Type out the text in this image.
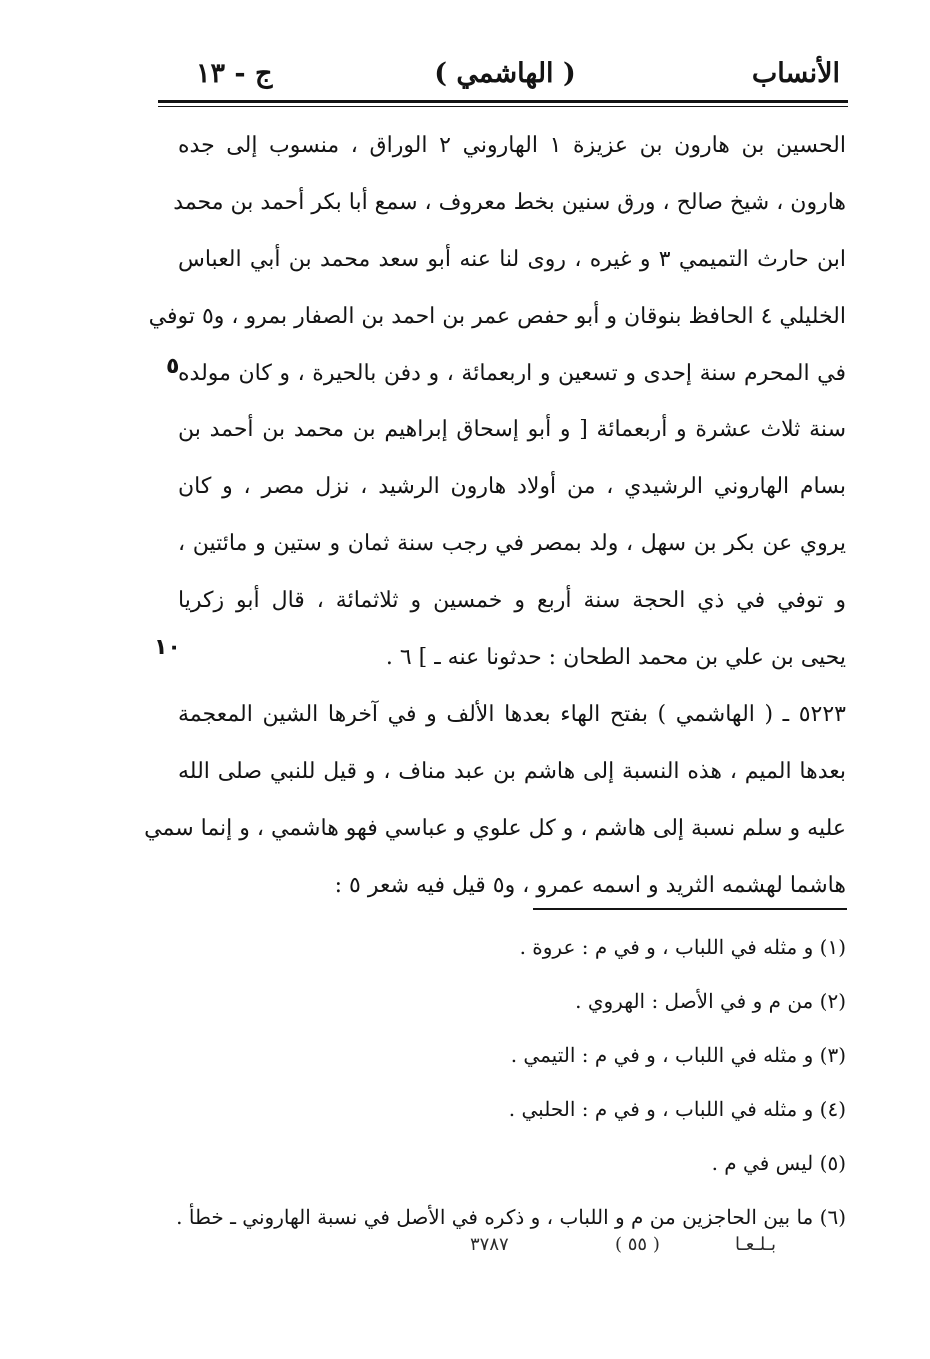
الأنساب
( الهاشمي )
ج - ١٣
الحسين بن هارون بن عزيزة ١ الهاروني ٢ الوراق ، منسوب إلى جده
هارون ، شيخ صالح ، ورق سنين بخط معروف ، سمع أبا بكر أحمد بن محمد
ابن حارث التميمي ٣ و غيره ، روى لنا عنه أبو سعد محمد بن أبي العباس
الخليلي ٤ الحافظ بنوقان و أبو حفص عمر بن احمد بن الصفار بمرو ، و٥ توفي
في المحرم سنة إحدى و تسعين و اربعمائة ، و دفن بالحيرة ، و كان مولده
سنة ثلاث عشرة و أربعمائة [ و أبو إسحاق إبراهيم بن محمد بن أحمد بن
بسام الهاروني الرشيدي ، من أولاد هارون الرشيد ، نزل مصر ، و كان
يروي عن بكر بن سهل ، ولد بمصر في رجب سنة ثمان و ستين و مائتين ،
و توفي في ذي الحجة سنة أربع و خمسين و ثلاثمائة ، قال أبو زكريا
يحيى بن علي بن محمد الطحان : حدثونا عنه ـ ] ٦ .
٥٢٢٣ ـ ( الهاشمي ) بفتح الهاء بعدها الألف و في آخرها الشين المعجمة
بعدها الميم ، هذه النسبة إلى هاشم بن عبد مناف ، و قيل للنبي صلى الله
عليه و سلم نسبة إلى هاشم ، و كل علوي و عباسي فهو هاشمي ، و إنما سمي
هاشما لهشمه الثريد و اسمه عمرو ، و٥ قيل فيه شعر ٥ :
٥
١٠
(١) و مثله في اللباب ، و في م : عروة .
(٢) من م و في الأصل : الهروي .
(٣) و مثله في اللباب ، و في م : التيمي .
(٤) و مثله في اللباب ، و في م : الحلبي .
(٥) ليس في م .
(٦) ما بين الحاجزين من م و اللباب ، و ذكره في الأصل في نسبة الهاروني ـ خطأ .
بـلـعـا
( ٥٥ )
٣٧٨٧
